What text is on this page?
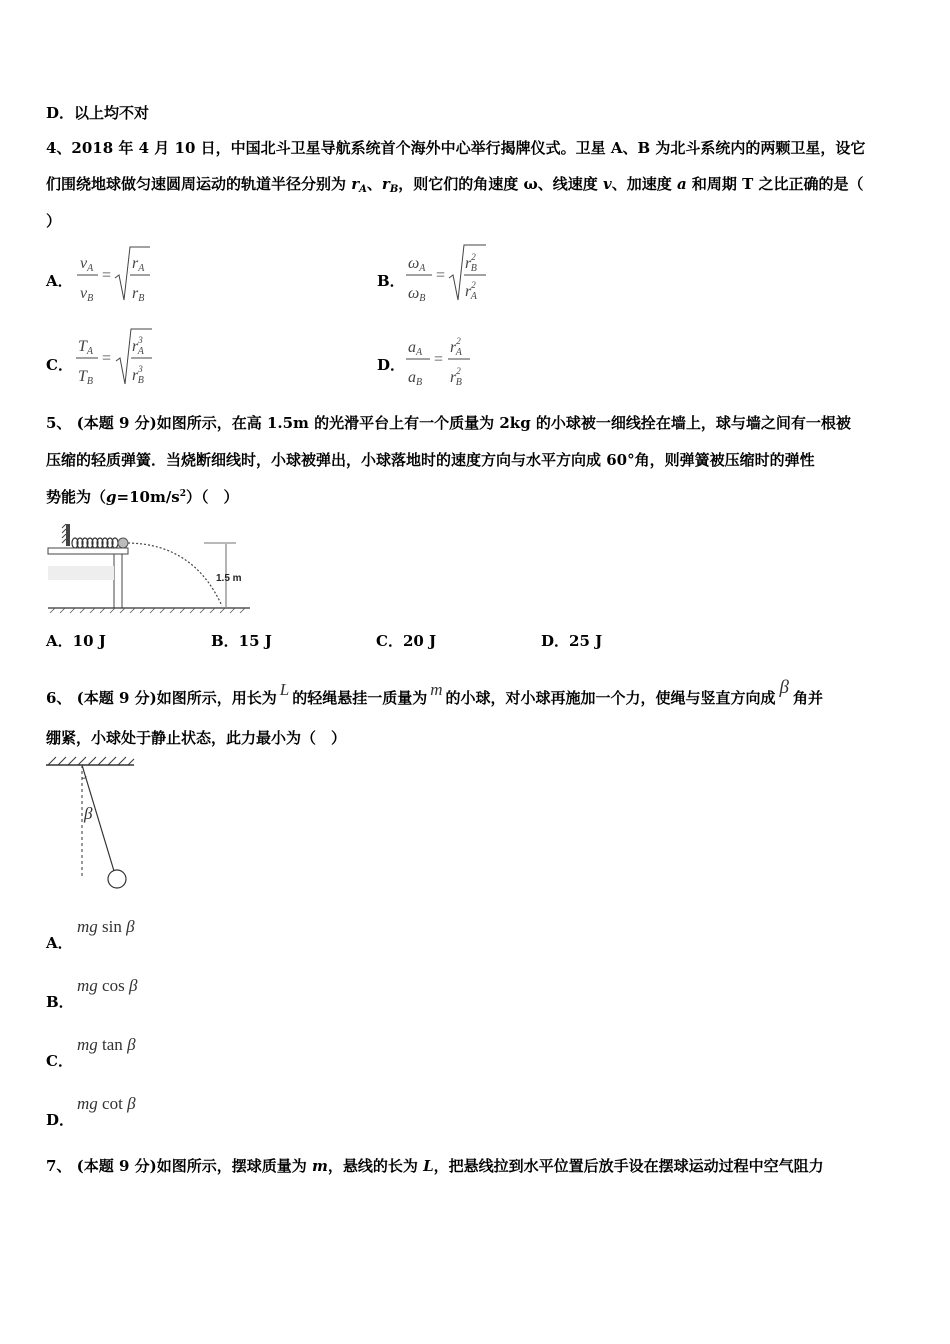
D．以上均不对
4、2018 年 4 月 10 日，中国北斗卫星导航系统首个海外中心举行揭牌仪式。卫星 A、B 为北斗系统内的两颗卫星，设它
们围绕地球做匀速圆周运动的轨道半径分别为 $r_A$、$r_B$，则它们的角速度 ω、线速度 v、加速度 a 和周期 T 之比正确的是（
）
A．
vA
vB
=
rA
rB
B．
ωA
ωB
=
$r^2$ B
$r^2$ A
C．
TA
TB
=
$r^3$ A
$r^3$ B
D．
aA
aB
=
$r^2$ A
$r^2$ B
5、 (本题 9 分)如图所示，在高 1.5m 的光滑平台上有一个质量为 2kg 的小球被一细线拴在墙上，球与墙之间有一根被
压缩的轻质弹簧．当烧断细线时，小球被弹出，小球落地时的速度方向与水平方向成 60°角，则弹簧被压缩时的弹性
势能为$(g=10m/s^2)$（　）
1.5 m
A．10 J	B．15 J	C．20 J	D．25 J
6、 (本题 9 分)如图所示，用长为 L 的轻绳悬挂一质量为 m 的小球，对小球再施加一个力，使绳与竖直方向成 β 角并
绷紧，小球处于静止状态，此力最小为（　）
β
A．
mg sin β
B．
mg cos β
C．
mg tan β
D．
mg cot β
7、 (本题 9 分)如图所示，摆球质量为 m，悬线的长为 L，把悬线拉到水平位置后放手设在摆球运动过程中空气阻力
